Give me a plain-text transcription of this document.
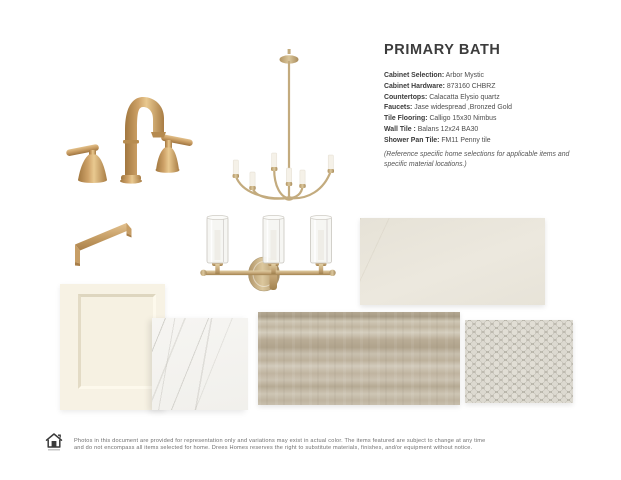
PRIMARY BATH
Cabinet Selection: Arbor Mystic
Cabinet Hardware: 873160 CHBRZ
Countertops: Calacatta Elysio quartz
Faucets: Jase widespread ,Bronzed Gold
Tile Flooring: Calligo 15x30 Nimbus
Wall Tile : Balans 12x24 BA30
Shower Pan Tile: FM11 Penny tile
(Reference specific home selections for applicable items and specific material locations.)
Photos in this document are provided for representation only and variations may exist in actual color. The items featured are subject to change at any time
and do not encompass all items selected for home. Drees Homes reserves the right to substitute materials, finishes, and/or equipment without notice.
